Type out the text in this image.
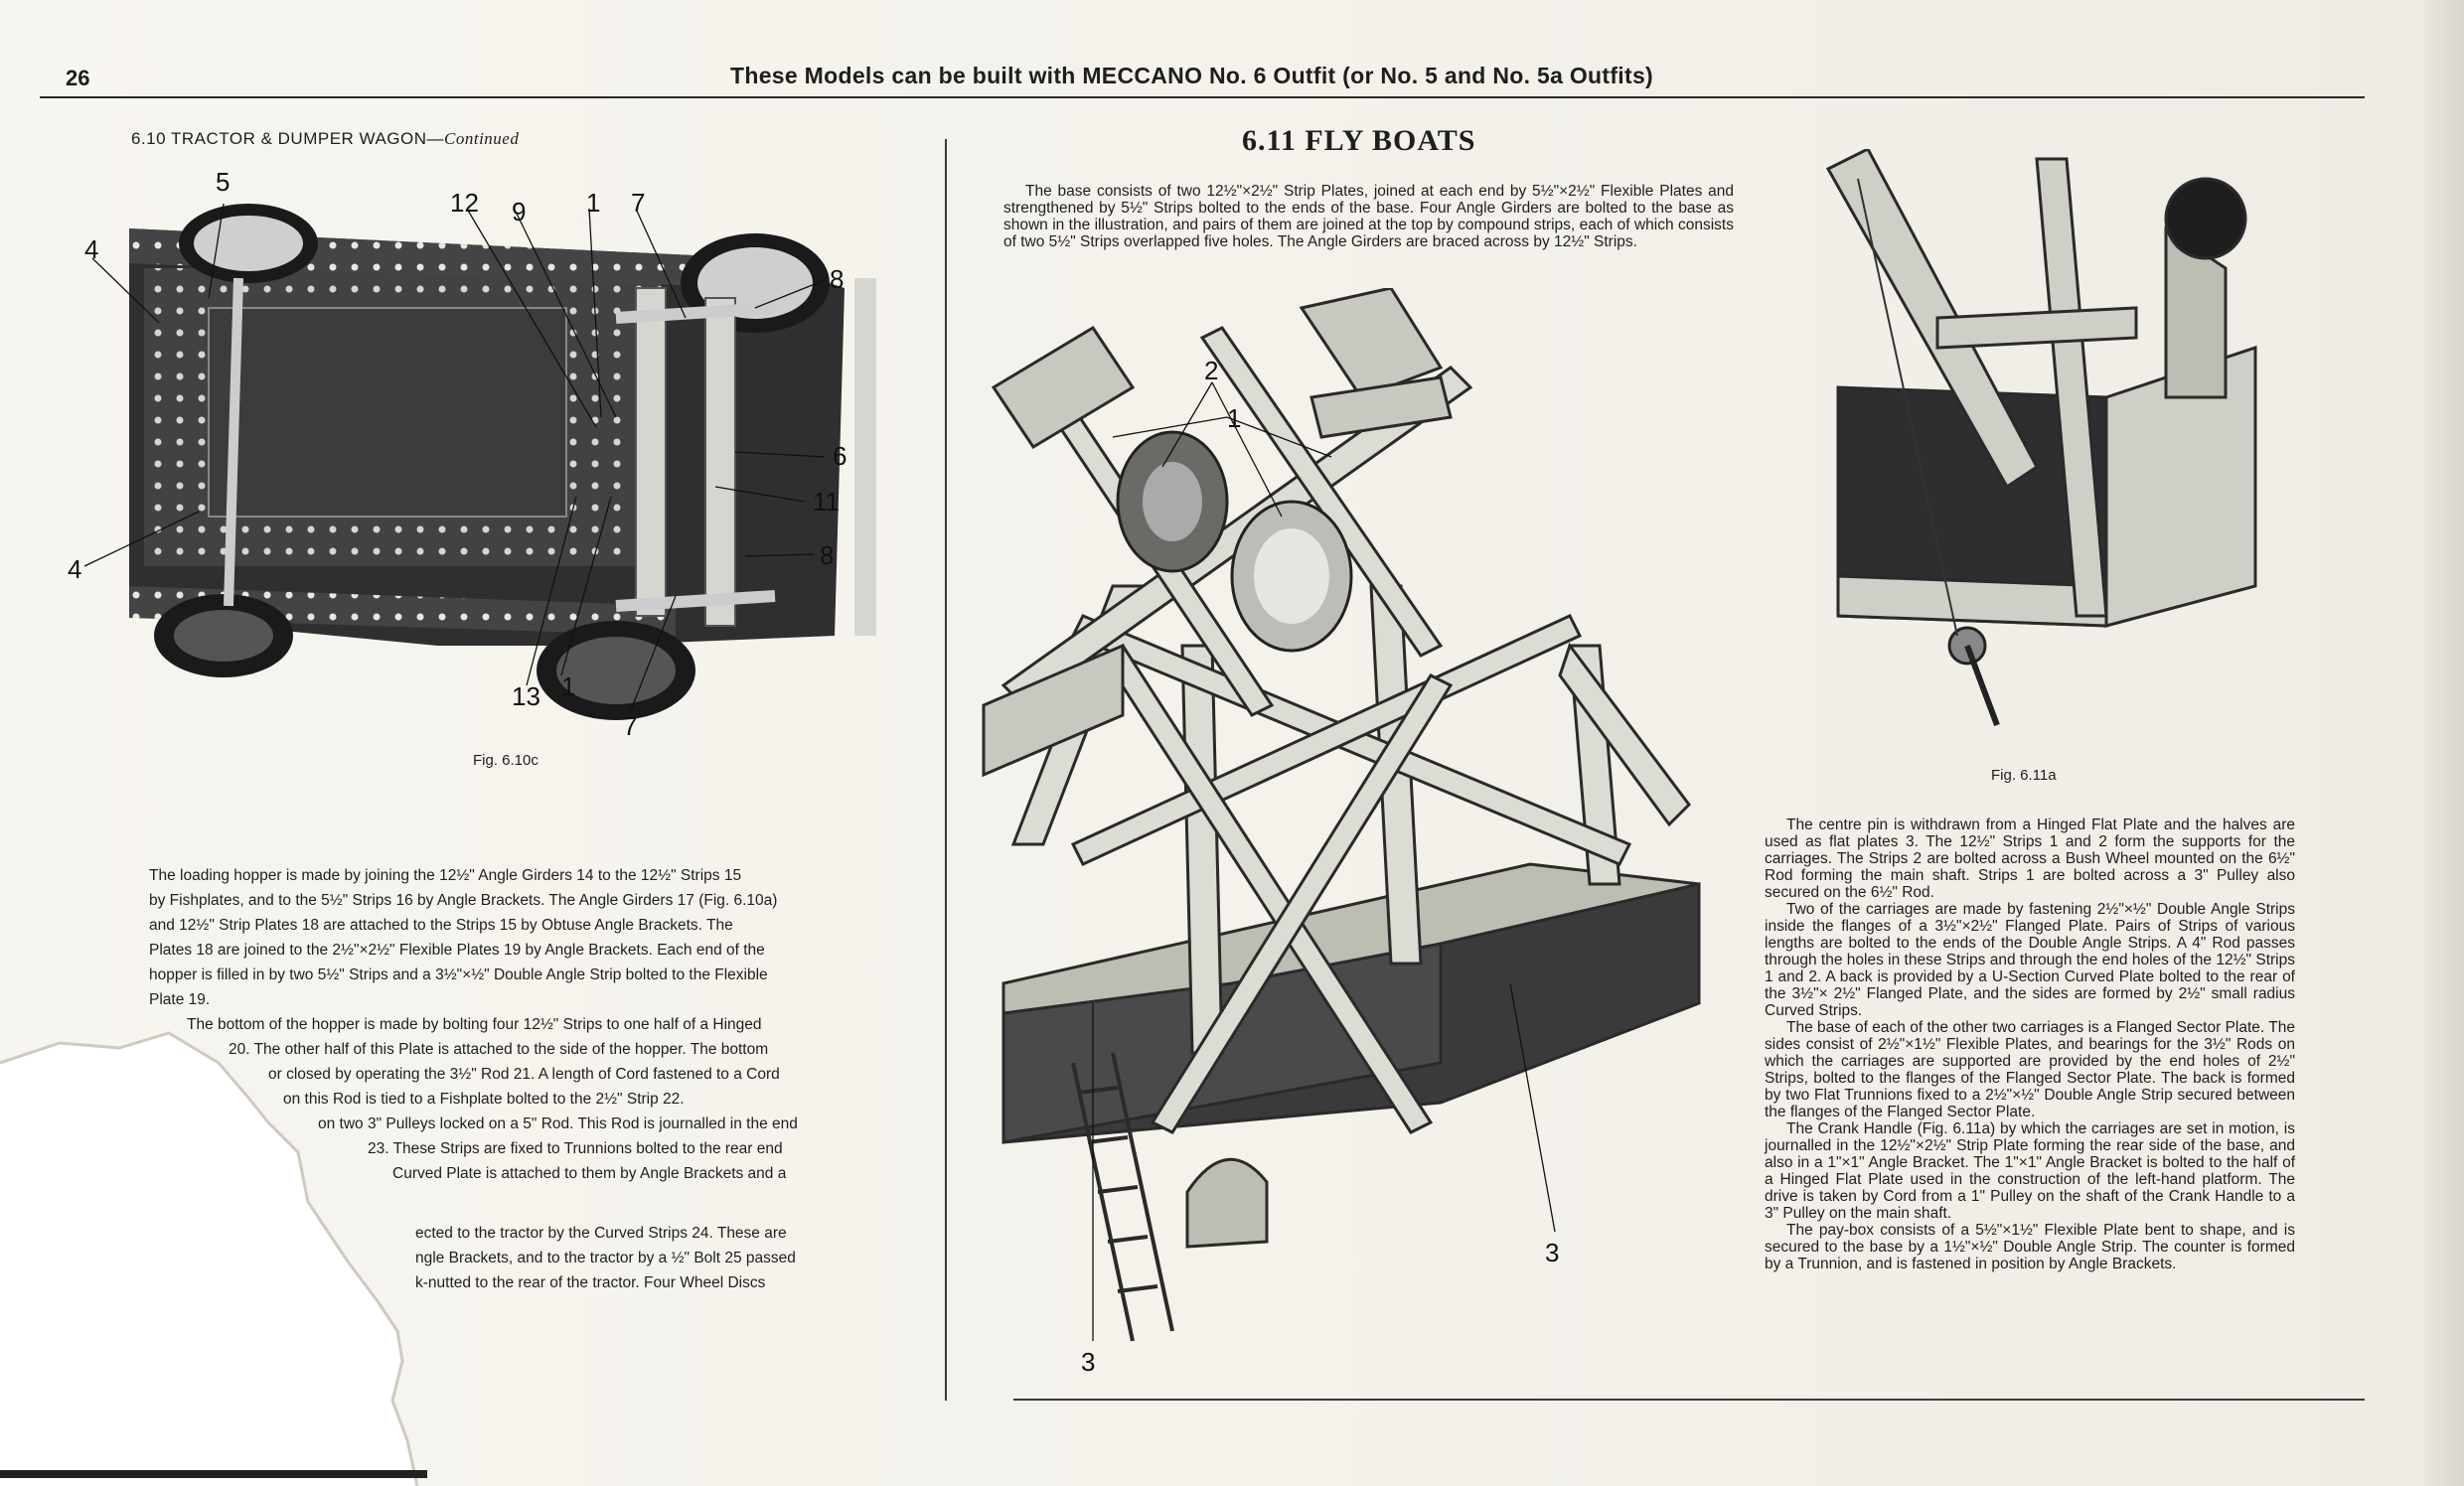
26	These Models can be built with MECCANO No. 6 Outfit (or No. 5 and No. 5a Outfits)
6.10 TRACTOR & DUMPER WAGON—Continued
5
12 9 1 7
4
8
6
11
8
4
13 1
7
Fig. 6.10c

The loading hopper is made by joining the 12½" Angle Girders 14 to the 12½" Strips 15

by Fishplates, and to the 5½" Strips 16 by Angle Brackets. The Angle Girders 17 (Fig. 6.10a)

and 12½" Strip Plates 18 are attached to the Strips 15 by Obtuse Angle Brackets. The

Plates 18 are joined to the 2½"×2½" Flexible Plates 19 by Angle Brackets. Each end of the

hopper is filled in by two 5½" Strips and a 3½"×½" Double Angle Strip bolted to the Flexible

Plate 19.

The bottom of the hopper is made by bolting four 12½" Strips to one half of a Hinged

20. The other half of this Plate is attached to the side of the hopper. The bottom

or closed by operating the 3½" Rod 21. A length of Cord fastened to a Cord

on this Rod is tied to a Fishplate bolted to the 2½" Strip 22.

on two 3" Pulleys locked on a 5" Rod. This Rod is journalled in the end

23. These Strips are fixed to Trunnions bolted to the rear end

Curved Plate is attached to them by Angle Brackets and a

ected to the tractor by the Curved Strips 24. These are

ngle Brackets, and to the tractor by a ½" Bolt 25 passed

k-nutted to the rear of the tractor. Four Wheel Discs

6.11 FLY BOATS

The base consists of two 12½"×2½" Strip Plates, joined at each end by 5½"×2½" Flexible Plates and strengthened by 5½" Strips bolted to the ends of the base. Four Angle Girders are bolted to the base as shown in the illustration, and pairs of them are joined at the top by compound strips, each of which consists of two 5½" Strips overlapped five holes. The Angle Girders are braced across by 12½" Strips.

2
1
3
3
Fig. 6.11a

The centre pin is withdrawn from a Hinged Flat Plate and the halves are used as flat plates 3. The 12½" Strips 1 and 2 form the supports for the carriages. The Strips 2 are bolted across a Bush Wheel mounted on the 6½" Rod forming the main shaft. Strips 1 are bolted across a 3" Pulley also secured on the 6½" Rod.

Two of the carriages are made by fastening 2½"×½" Double Angle Strips inside the flanges of a 3½"×2½" Flanged Plate. Pairs of Strips of various lengths are bolted to the ends of the Double Angle Strips. A 4" Rod passes through the holes in these Strips and through the end holes of the 12½" Strips 1 and 2. A back is provided by a U-Section Curved Plate bolted to the rear of the 3½"× 2½" Flanged Plate, and the sides are formed by 2½" small radius Curved Strips.

The base of each of the other two carriages is a Flanged Sector Plate. The sides consist of 2½"×1½" Flexible Plates, and bearings for the 3½" Rods on which the carriages are supported are provided by the end holes of 2½" Strips, bolted to the flanges of the Flanged Sector Plate. The back is formed by two Flat Trunnions fixed to a 2½"×½" Double Angle Strip secured between the flanges of the Flanged Sector Plate.

The Crank Handle (Fig. 6.11a) by which the carriages are set in motion, is journalled in the 12½"×2½" Strip Plate forming the rear side of the base, and also in a 1"×1" Angle Bracket. The 1"×1" Angle Bracket is bolted to the half of a Hinged Flat Plate used in the construction of the left-hand platform. The drive is taken by Cord from a 1" Pulley on the shaft of the Crank Handle to a 3" Pulley on the main shaft.

The pay-box consists of a 5½"×1½" Flexible Plate bent to shape, and is secured to the base by a 1½"×½" Double Angle Strip. The counter is formed by a Trunnion, and is fastened in position by Angle Brackets.
